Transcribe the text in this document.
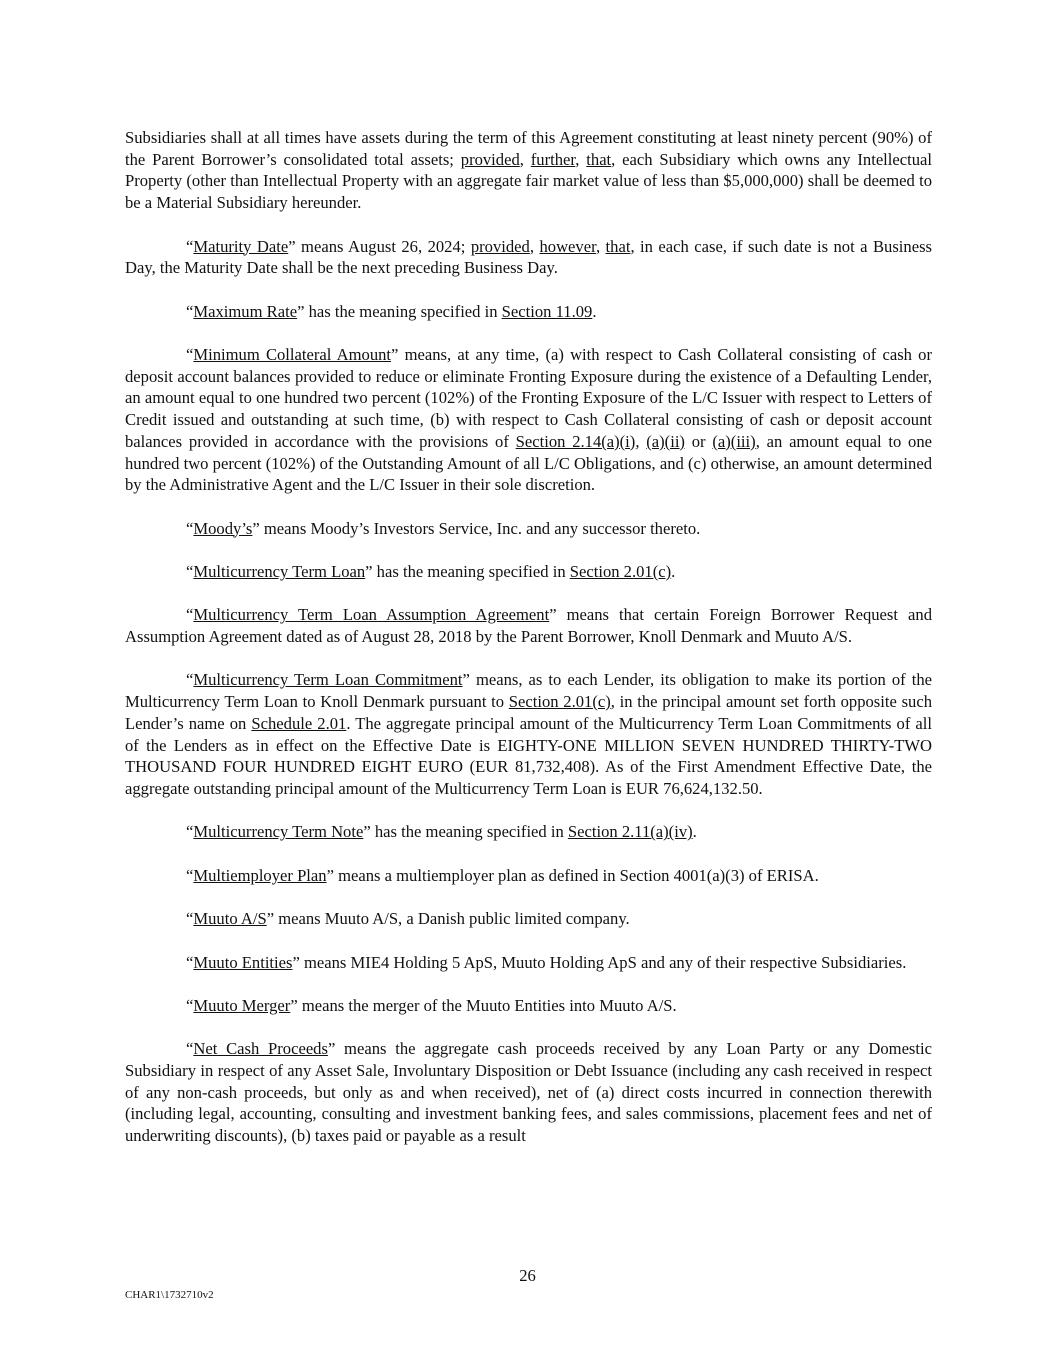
Subsidiaries shall at all times have assets during the term of this Agreement constituting at least ninety percent (90%) of the Parent Borrower’s consolidated total assets; provided, further, that, each Subsidiary which owns any Intellectual Property (other than Intellectual Property with an aggregate fair market value of less than $5,000,000) shall be deemed to be a Material Subsidiary hereunder.

“Maturity Date” means August 26, 2024; provided, however, that, in each case, if such date is not a Business Day, the Maturity Date shall be the next preceding Business Day.

“Maximum Rate” has the meaning specified in Section 11.09.

“Minimum Collateral Amount” means, at any time, (a) with respect to Cash Collateral consisting of cash or deposit account balances provided to reduce or eliminate Fronting Exposure during the existence of a Defaulting Lender, an amount equal to one hundred two percent (102%) of the Fronting Exposure of the L/C Issuer with respect to Letters of Credit issued and outstanding at such time, (b) with respect to Cash Collateral consisting of cash or deposit account balances provided in accordance with the provisions of Section 2.14(a)(i), (a)(ii) or (a)(iii), an amount equal to one hundred two percent (102%) of the Outstanding Amount of all L/C Obligations, and (c) otherwise, an amount determined by the Administrative Agent and the L/C Issuer in their sole discretion.

“Moody’s” means Moody’s Investors Service, Inc. and any successor thereto.

“Multicurrency Term Loan” has the meaning specified in Section 2.01(c).

“Multicurrency Term Loan Assumption Agreement” means that certain Foreign Borrower Request and Assumption Agreement dated as of August 28, 2018 by the Parent Borrower, Knoll Denmark and Muuto A/S.

“Multicurrency Term Loan Commitment” means, as to each Lender, its obligation to make its portion of the Multicurrency Term Loan to Knoll Denmark pursuant to Section 2.01(c), in the principal amount set forth opposite such Lender’s name on Schedule 2.01. The aggregate principal amount of the Multicurrency Term Loan Commitments of all of the Lenders as in effect on the Effective Date is EIGHTY-ONE MILLION SEVEN HUNDRED THIRTY-TWO THOUSAND FOUR HUNDRED EIGHT EURO (EUR 81,732,408). As of the First Amendment Effective Date, the aggregate outstanding principal amount of the Multicurrency Term Loan is EUR 76,624,132.50.

“Multicurrency Term Note” has the meaning specified in Section 2.11(a)(iv).

“Multiemployer Plan” means a multiemployer plan as defined in Section 4001(a)(3) of ERISA.

“Muuto A/S” means Muuto A/S, a Danish public limited company.

“Muuto Entities” means MIE4 Holding 5 ApS, Muuto Holding ApS and any of their respective Subsidiaries.

“Muuto Merger” means the merger of the Muuto Entities into Muuto A/S.

“Net Cash Proceeds” means the aggregate cash proceeds received by any Loan Party or any Domestic Subsidiary in respect of any Asset Sale, Involuntary Disposition or Debt Issuance (including any cash received in respect of any non-cash proceeds, but only as and when received), net of (a) direct costs incurred in connection therewith (including legal, accounting, consulting and investment banking fees, and sales commissions, placement fees and net of underwriting discounts), (b) taxes paid or payable as a result

26
CHAR1\1732710v2
